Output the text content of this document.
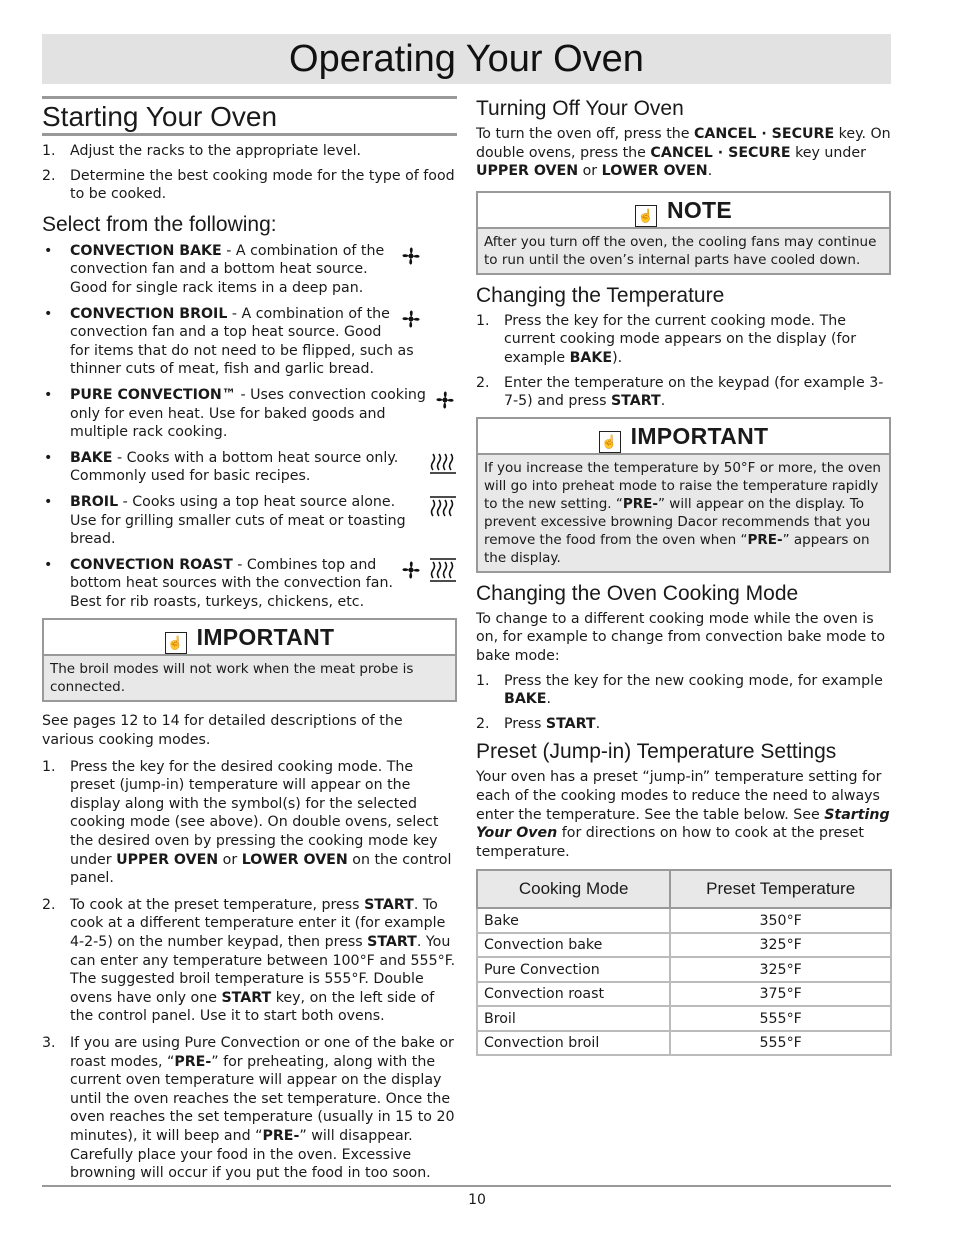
Operating Your Oven
Starting Your Oven
1. Adjust the racks to the appropriate level.
2. Determine the best cooking mode for the type of food to be cooked.
Select from the following:
• CONVECTION BAKE - A combination of the convection fan and a bottom heat source. Good for single rack items in a deep pan.
• CONVECTION BROIL - A combination of the convection fan and a top heat source. Good for items that do not need to be flipped, such as thinner cuts of meat, fish and garlic bread.
• PURE CONVECTION™ - Uses convection cooking only for even heat. Use for baked goods and multiple rack cooking.
• BAKE - Cooks with a bottom heat source only. Commonly used for basic recipes.
• BROIL - Cooks using a top heat source alone. Use for grilling smaller cuts of meat or toasting bread.
• CONVECTION ROAST - Combines top and bottom heat sources with the convection fan. Best for rib roasts, turkeys, chickens, etc.
☝ IMPORTANT
The broil modes will not work when the meat probe is connected.

See pages 12 to 14 for detailed descriptions of the various cooking modes.

1. Press the key for the desired cooking mode. The preset (jump-in) temperature will appear on the display along with the symbol(s) for the selected cooking mode (see above). On double ovens, select the desired oven by pressing the cooking mode key under UPPER OVEN or LOWER OVEN on the control panel.
2. To cook at the preset temperature, press START. To cook at a different temperature enter it (for example 4-2-5) on the number keypad, then press START. You can enter any temperature between 100°F and 555°F. The suggested broil temperature is 555°F. Double ovens have only one START key, on the left side of the control panel. Use it to start both ovens.
3. If you are using Pure Convection or one of the bake or roast modes, “PRE-” for preheating, along with the current oven temperature will appear on the display until the oven reaches the set temperature. Once the oven reaches the set temperature (usually in 15 to 20 minutes), it will beep and “PRE-” will disappear. Carefully place your food in the oven. Excessive browning will occur if you put the food in too soon.
Turning Off Your Oven

To turn the oven off, press the CANCEL · SECURE key. On double ovens, press the CANCEL · SECURE key under UPPER OVEN or LOWER OVEN.

☝ NOTE
After you turn off the oven, the cooling fans may continue to run until the oven’s internal parts have cooled down.
Changing the Temperature
1. Press the key for the current cooking mode. The current cooking mode appears on the display (for example BAKE).
2. Enter the temperature on the keypad (for example 3-7-5) and press START.
☝ IMPORTANT
If you increase the temperature by 50°F or more, the oven will go into preheat mode to raise the temperature rapidly to the new setting. “PRE-” will appear on the display. To prevent excessive browning Dacor recommends that you remove the food from the oven when “PRE-” appears on the display.
Changing the Oven Cooking Mode

To change to a different cooking mode while the oven is on, for example to change from convection bake mode to bake mode:

1. Press the key for the new cooking mode, for example BAKE.
2. Press START.
Preset (Jump-in) Temperature Settings

Your oven has a preset “jump-in” temperature setting for each of the cooking modes to reduce the need to always enter the temperature. See the table below. See Starting Your Oven for directions on how to cook at the preset temperature.

Cooking Mode	Preset Temperature
Bake	350°F
Convection bake	325°F
Pure Convection	325°F
Convection roast	375°F
Broil	555°F
Convection broil	555°F
10
